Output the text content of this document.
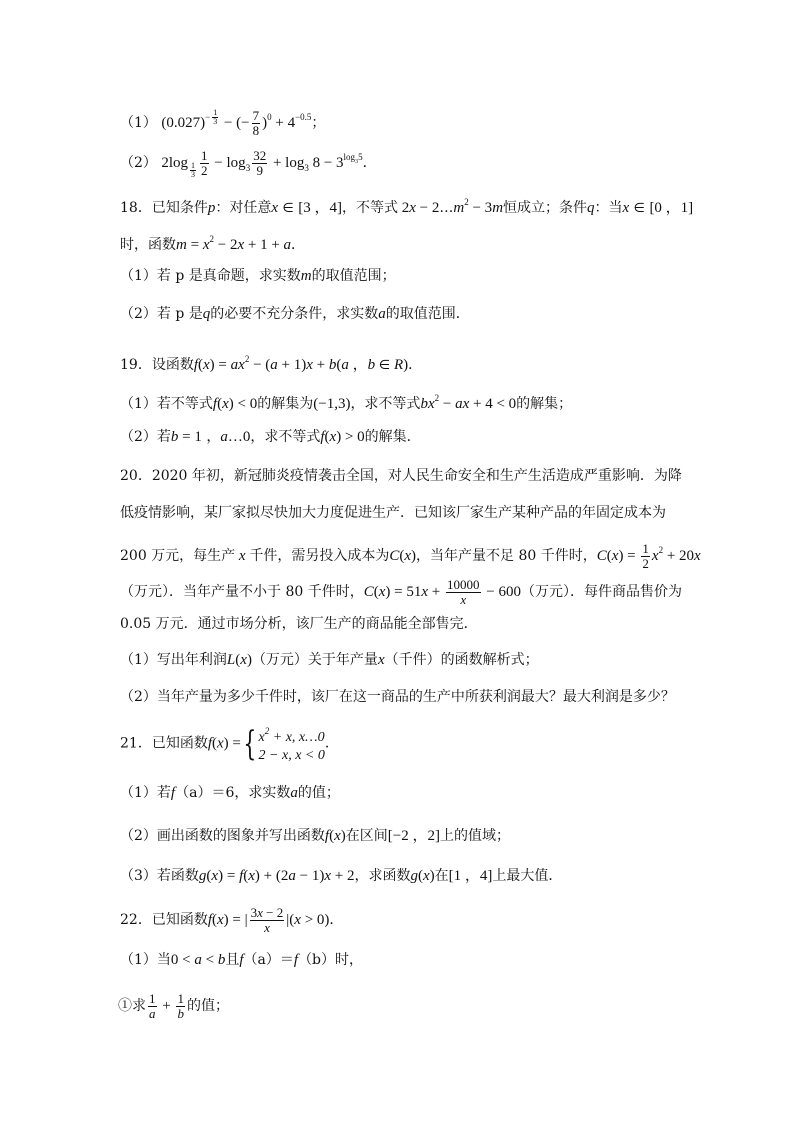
（1） $(0.027)^{- \frac{1}{3}}$ − (− $\frac{7}{8} )^0 + 4^{-0.5}$；
（2） 2log $_{\frac{1}{3}} \frac{1}{2} - \log_3 \frac{32}{9} + \log_3 8 - 3^{log_35}$．
18．已知条件p：对任意x ∈ [3 ，4]，不等式 $2x - 2\dots m^2 - 3m$恒成立；条件q：当x ∈ [0 ，1]
时，函数$m = x^2 - 2x + 1 + a$．
（1）若 p 是真命题，求实数m的取值范围；
（2）若 p 是q的必要不充分条件，求实数a的取值范围．
19．设函数$f(x) = ax^2 - (a + 1)x + b(a$ ，b ∈ R)．
（1）若不等式f(x) < 0的解集为(−1,3)，求不等式$bx^2$ − ax + 4 < 0的解集；
（2）若b = 1 ，a…0，求不等式f(x) > 0的解集．
20．2020 年初，新冠肺炎疫情袭击全国，对人民生命安全和生产生活造成严重影响．为降
低疫情影响，某厂家拟尽快加大力度促进生产．已知该厂家生产某种产品的年固定成本为
200 万元，每生产 x 千件，需另投入成本为C(x)，当年产量不足 80 千件时，$C(x) = \frac{1}{2} x^2 + 20x$
（万元）．当年产量不小于 80 千件时，$C(x) = 51x + \frac{10000}{x} - 600$（万元）．每件商品售价为
0.05 万元．通过市场分析，该厂生产的商品能全部售完．
（1）写出年利润L(x)（万元）关于年产量x（千件）的函数解析式；
（2）当年产量为多少千件时，该厂在这一商品的生产中所获利润最大？最大利润是多少？
21．已知函数f(x) ={ $x^2 + x$, x…0
2 − x, x < 0
．
（1）若f（a）＝6，求实数a的值；
（2）画出函数的图象并写出函数f(x)在区间[−2 ，2]上的值域；
（3）若函数g(x) = f(x) + (2a − 1)x + 2，求函数g(x)在[1 ，4]上最大值．
22．已知函数f(x) = | $\frac{3x - 2}{x} |(x > 0)$．
（1）当0 < a < b且f（a）＝f（b）时，
①求 $\frac{1}{a} + \frac{1}{b}$ 的值；
